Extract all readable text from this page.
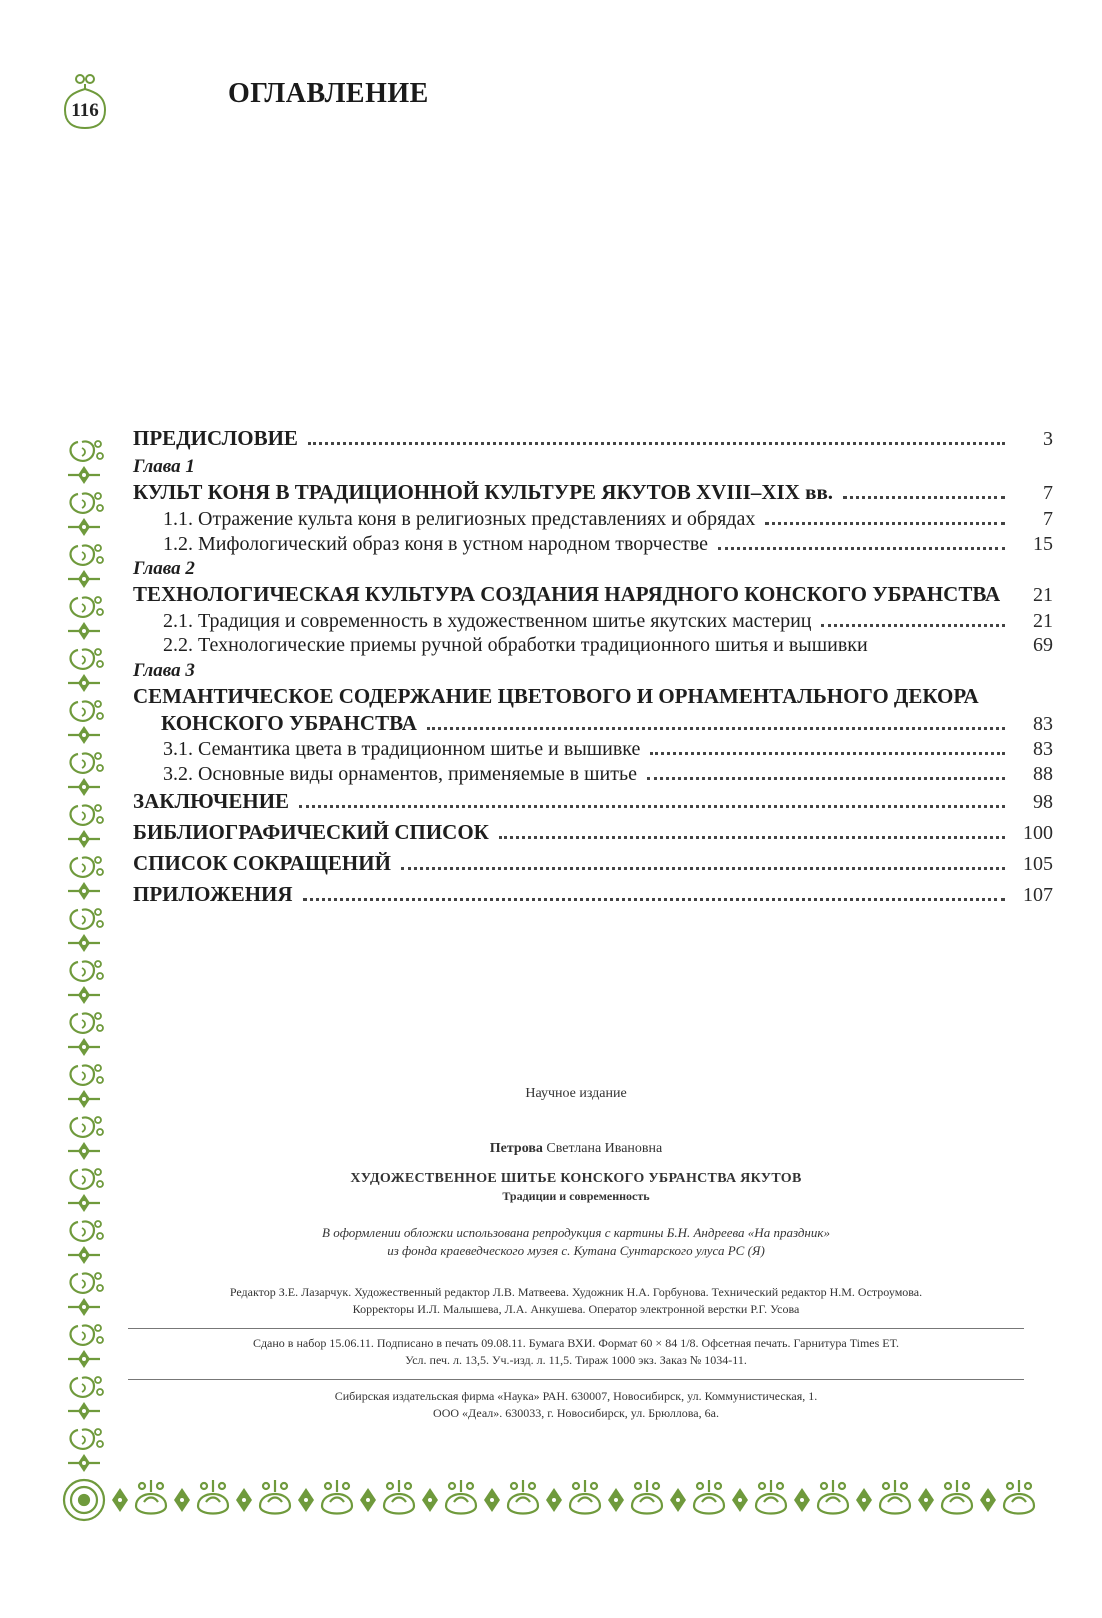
116
ОГЛАВЛЕНИЕ
ПРЕДИСЛОВИЕ	3
Глава 1
КУЛЬТ КОНЯ В ТРАДИЦИОННОЙ КУЛЬТУРЕ ЯКУТОВ XVIII–XIX вв.	7
1.1. Отражение культа коня в религиозных представлениях и обрядах	7
1.2. Мифологический образ коня в устном народном творчестве	15
Глава 2
ТЕХНОЛОГИЧЕСКАЯ КУЛЬТУРА СОЗДАНИЯ НАРЯДНОГО КОНСКОГО УБРАНСТВА	21
2.1. Традиция и современность в художественном шитье якутских мастериц	21
2.2. Технологические приемы ручной обработки традиционного шитья и вышивки	69
Глава 3
СЕМАНТИЧЕСКОЕ СОДЕРЖАНИЕ ЦВЕТОВОГО И ОРНАМЕНТАЛЬНОГО ДЕКОРА
КОНСКОГО УБРАНСТВА	83
3.1. Семантика цвета в традиционном шитье и вышивке	83
3.2. Основные виды орнаментов, применяемые в шитье	88
ЗАКЛЮЧЕНИЕ	98
БИБЛИОГРАФИЧЕСКИЙ СПИСОК	100
СПИСОК СОКРАЩЕНИЙ	105
ПРИЛОЖЕНИЯ	107
Научное издание
Петрова Светлана Ивановна
ХУДОЖЕСТВЕННОЕ ШИТЬЕ КОНСКОГО УБРАНСТВА ЯКУТОВ
Традиции и современность
В оформлении обложки использована репродукция с картины Б.Н. Андреева «На праздник»
из фонда краеведческого музея с. Кутана Сунтарского улуса РС (Я)
Редактор З.Е. Лазарчук. Художественный редактор Л.В. Матвеева. Художник Н.А. Горбунова. Технический редактор Н.М. Остроумова.
Корректоры И.Л. Малышева, Л.А. Анкушева. Оператор электронной верстки Р.Г. Усова
Сдано в набор 15.06.11. Подписано в печать 09.08.11. Бумага ВХИ. Формат 60 × 84 1/8. Офсетная печать. Гарнитура Times ET.
Усл. печ. л. 13,5. Уч.-изд. л. 11,5. Тираж 1000 экз. Заказ № 1034-11.
Сибирская издательская фирма «Наука» РАН. 630007, Новосибирск, ул. Коммунистическая, 1.
ООО «Деал». 630033, г. Новосибирск, ул. Брюллова, 6а.
